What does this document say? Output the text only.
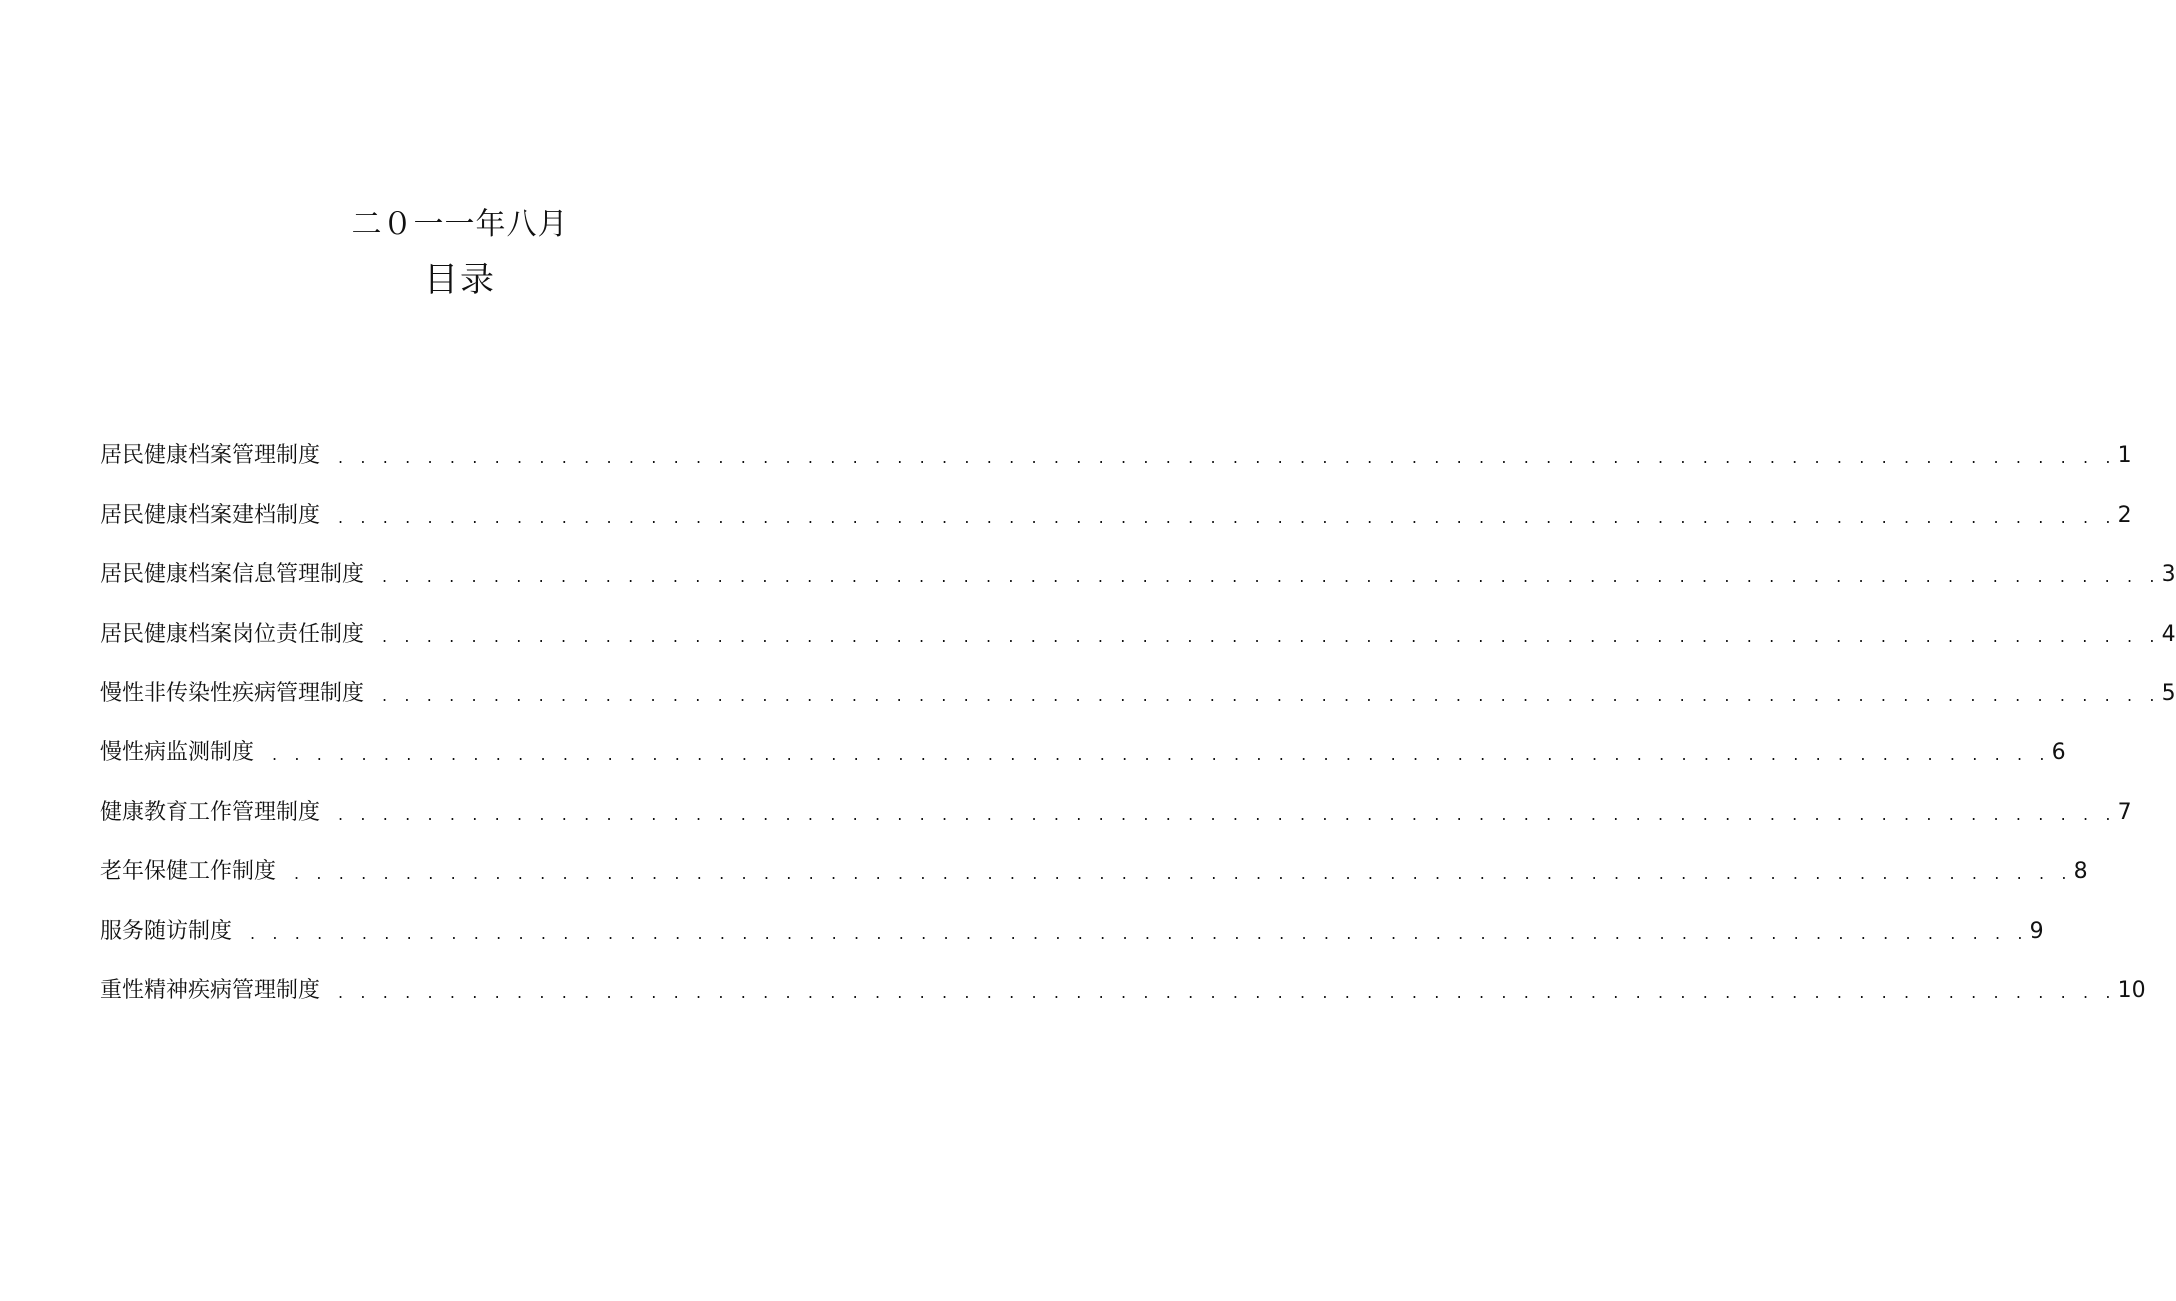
二０一一年八月
目录
居民健康档案管理制度	. . . . . . . . . . . . . . . . . . . . . . . . . . . . . . . . . . . . . . . . . . . . . . . . . . . . . . . . . . . . . . . . . . . . . . . . . . . . . . . . 1
居民健康档案建档制度	. . . . . . . . . . . . . . . . . . . . . . . . . . . . . . . . . . . . . . . . . . . . . . . . . . . . . . . . . . . . . . . . . . . . . . . . . . . . . . . . 2
居民健康档案信息管理制度	. . . . . . . . . . . . . . . . . . . . . . . . . . . . . . . . . . . . . . . . . . . . . . . . . . . . . . . . . . . . . . . . . . . . . . . . . . . . . . . . 3
居民健康档案岗位责任制度	. . . . . . . . . . . . . . . . . . . . . . . . . . . . . . . . . . . . . . . . . . . . . . . . . . . . . . . . . . . . . . . . . . . . . . . . . . . . . . . . 4
慢性非传染性疾病管理制度	. . . . . . . . . . . . . . . . . . . . . . . . . . . . . . . . . . . . . . . . . . . . . . . . . . . . . . . . . . . . . . . . . . . . . . . . . . . . . . . . 5
慢性病监测制度	. . . . . . . . . . . . . . . . . . . . . . . . . . . . . . . . . . . . . . . . . . . . . . . . . . . . . . . . . . . . . . . . . . . . . . . . . . . . . . . . 6
健康教育工作管理制度	. . . . . . . . . . . . . . . . . . . . . . . . . . . . . . . . . . . . . . . . . . . . . . . . . . . . . . . . . . . . . . . . . . . . . . . . . . . . . . . . 7
老年保健工作制度	. . . . . . . . . . . . . . . . . . . . . . . . . . . . . . . . . . . . . . . . . . . . . . . . . . . . . . . . . . . . . . . . . . . . . . . . . . . . . . . . 8
服务随访制度	. . . . . . . . . . . . . . . . . . . . . . . . . . . . . . . . . . . . . . . . . . . . . . . . . . . . . . . . . . . . . . . . . . . . . . . . . . . . . . . . 9
重性精神疾病管理制度	. . . . . . . . . . . . . . . . . . . . . . . . . . . . . . . . . . . . . . . . . . . . . . . . . . . . . . . . . . . . . . . . . . . . . . . . . . . . . . . . 10
